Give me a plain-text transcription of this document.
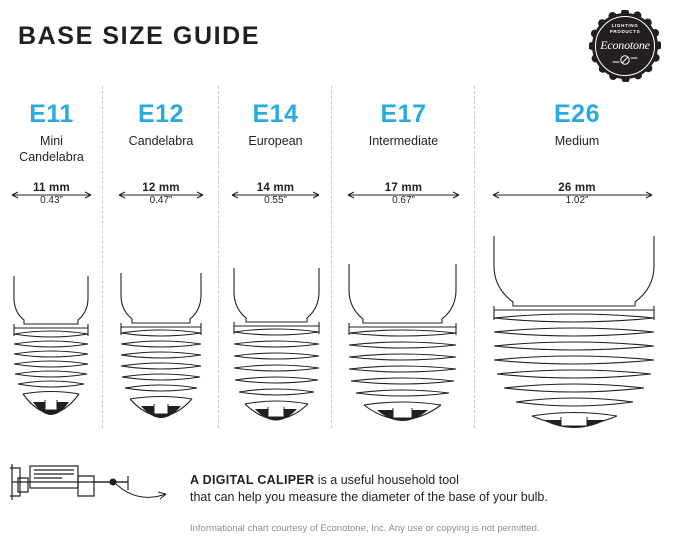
BASE SIZE GUIDE	LIGHTING
PRODUCTS
Econotone
E11
Mini
Candelabra
11 mm
0.43”
E12
Candelabra
12 mm
0.47”
E14
European
14 mm
0.55”
E17
Intermediate
17 mm
0.67”
E26
Medium
26 mm
1.02”
A DIGITAL CALIPER is a useful household tool
that can help you measure the diameter of the base of your bulb.
Informational chart courtesy of Econotone, Inc. Any use or copying is not permitted.
